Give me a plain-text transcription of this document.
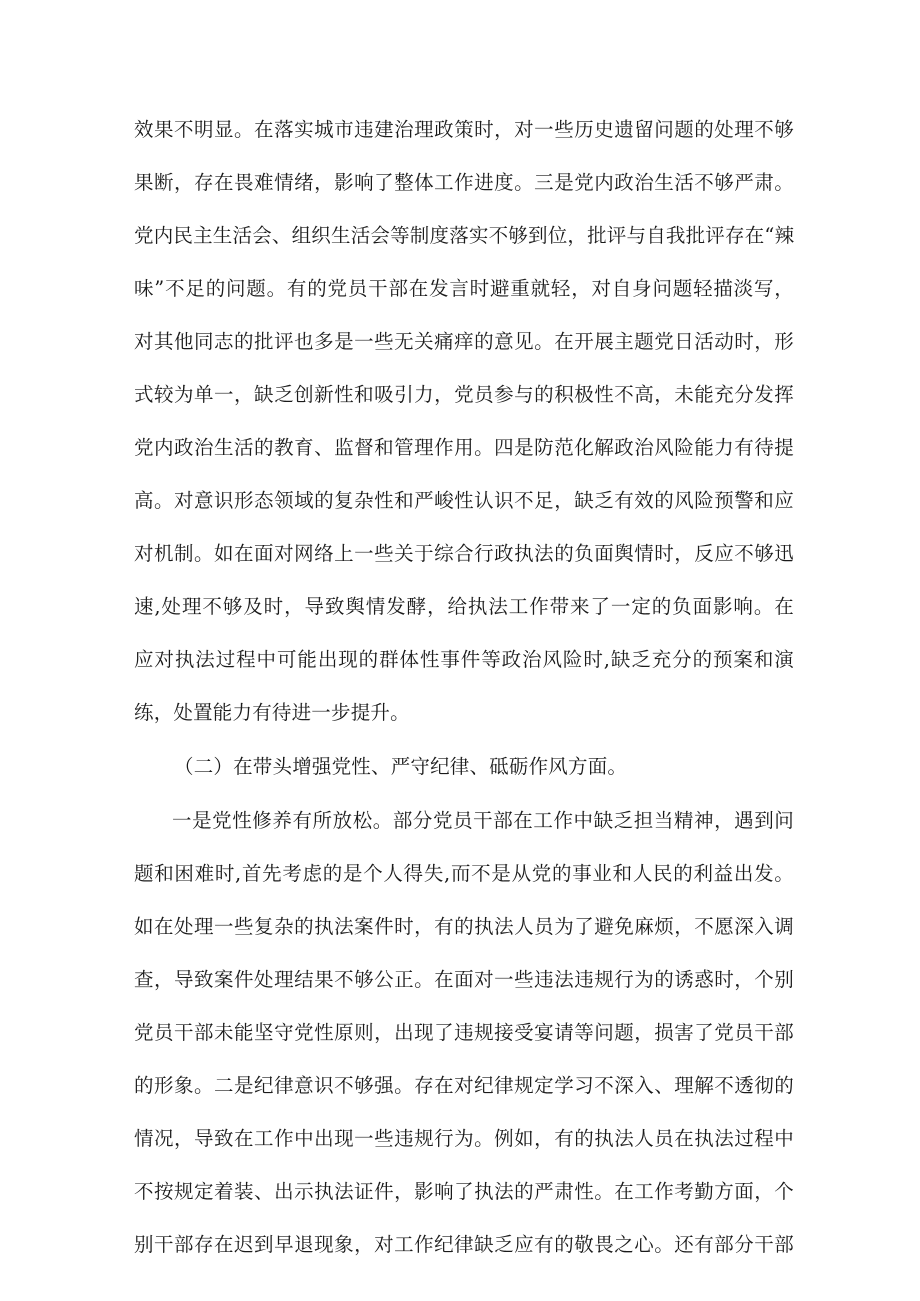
效果不明显。在落实城市违建治理政策时，对一些历史遗留问题的处理不够
果断，存在畏难情绪，影响了整体工作进度。三是党内政治生活不够严肃。
党内民主生活会、组织生活会等制度落实不够到位，批评与自我批评存在“辣
味”不足的问题。有的党员干部在发言时避重就轻，对自身问题轻描淡写，
对其他同志的批评也多是一些无关痛痒的意见。在开展主题党日活动时，形
式较为单一，缺乏创新性和吸引力，党员参与的积极性不高，未能充分发挥
党内政治生活的教育、监督和管理作用。四是防范化解政治风险能力有待提
高。对意识形态领域的复杂性和严峻性认识不足，缺乏有效的风险预警和应
对机制。如在面对网络上一些关于综合行政执法的负面舆情时，反应不够迅
速,处理不够及时，导致舆情发酵，给执法工作带来了一定的负面影响。在
应对执法过程中可能出现的群体性事件等政治风险时,缺乏充分的预案和演
练，处置能力有待进一步提升。
（二）在带头增强党性、严守纪律、砥砺作风方面。
一是党性修养有所放松。部分党员干部在工作中缺乏担当精神，遇到问
题和困难时,首先考虑的是个人得失,而不是从党的事业和人民的利益出发。
如在处理一些复杂的执法案件时，有的执法人员为了避免麻烦，不愿深入调
查，导致案件处理结果不够公正。在面对一些违法违规行为的诱惑时，个别
党员干部未能坚守党性原则，出现了违规接受宴请等问题，损害了党员干部
的形象。二是纪律意识不够强。存在对纪律规定学习不深入、理解不透彻的
情况，导致在工作中出现一些违规行为。例如，有的执法人员在执法过程中
不按规定着装、出示执法证件，影响了执法的严肃性。在工作考勤方面，个
别干部存在迟到早退现象，对工作纪律缺乏应有的敬畏之心。还有部分干部
